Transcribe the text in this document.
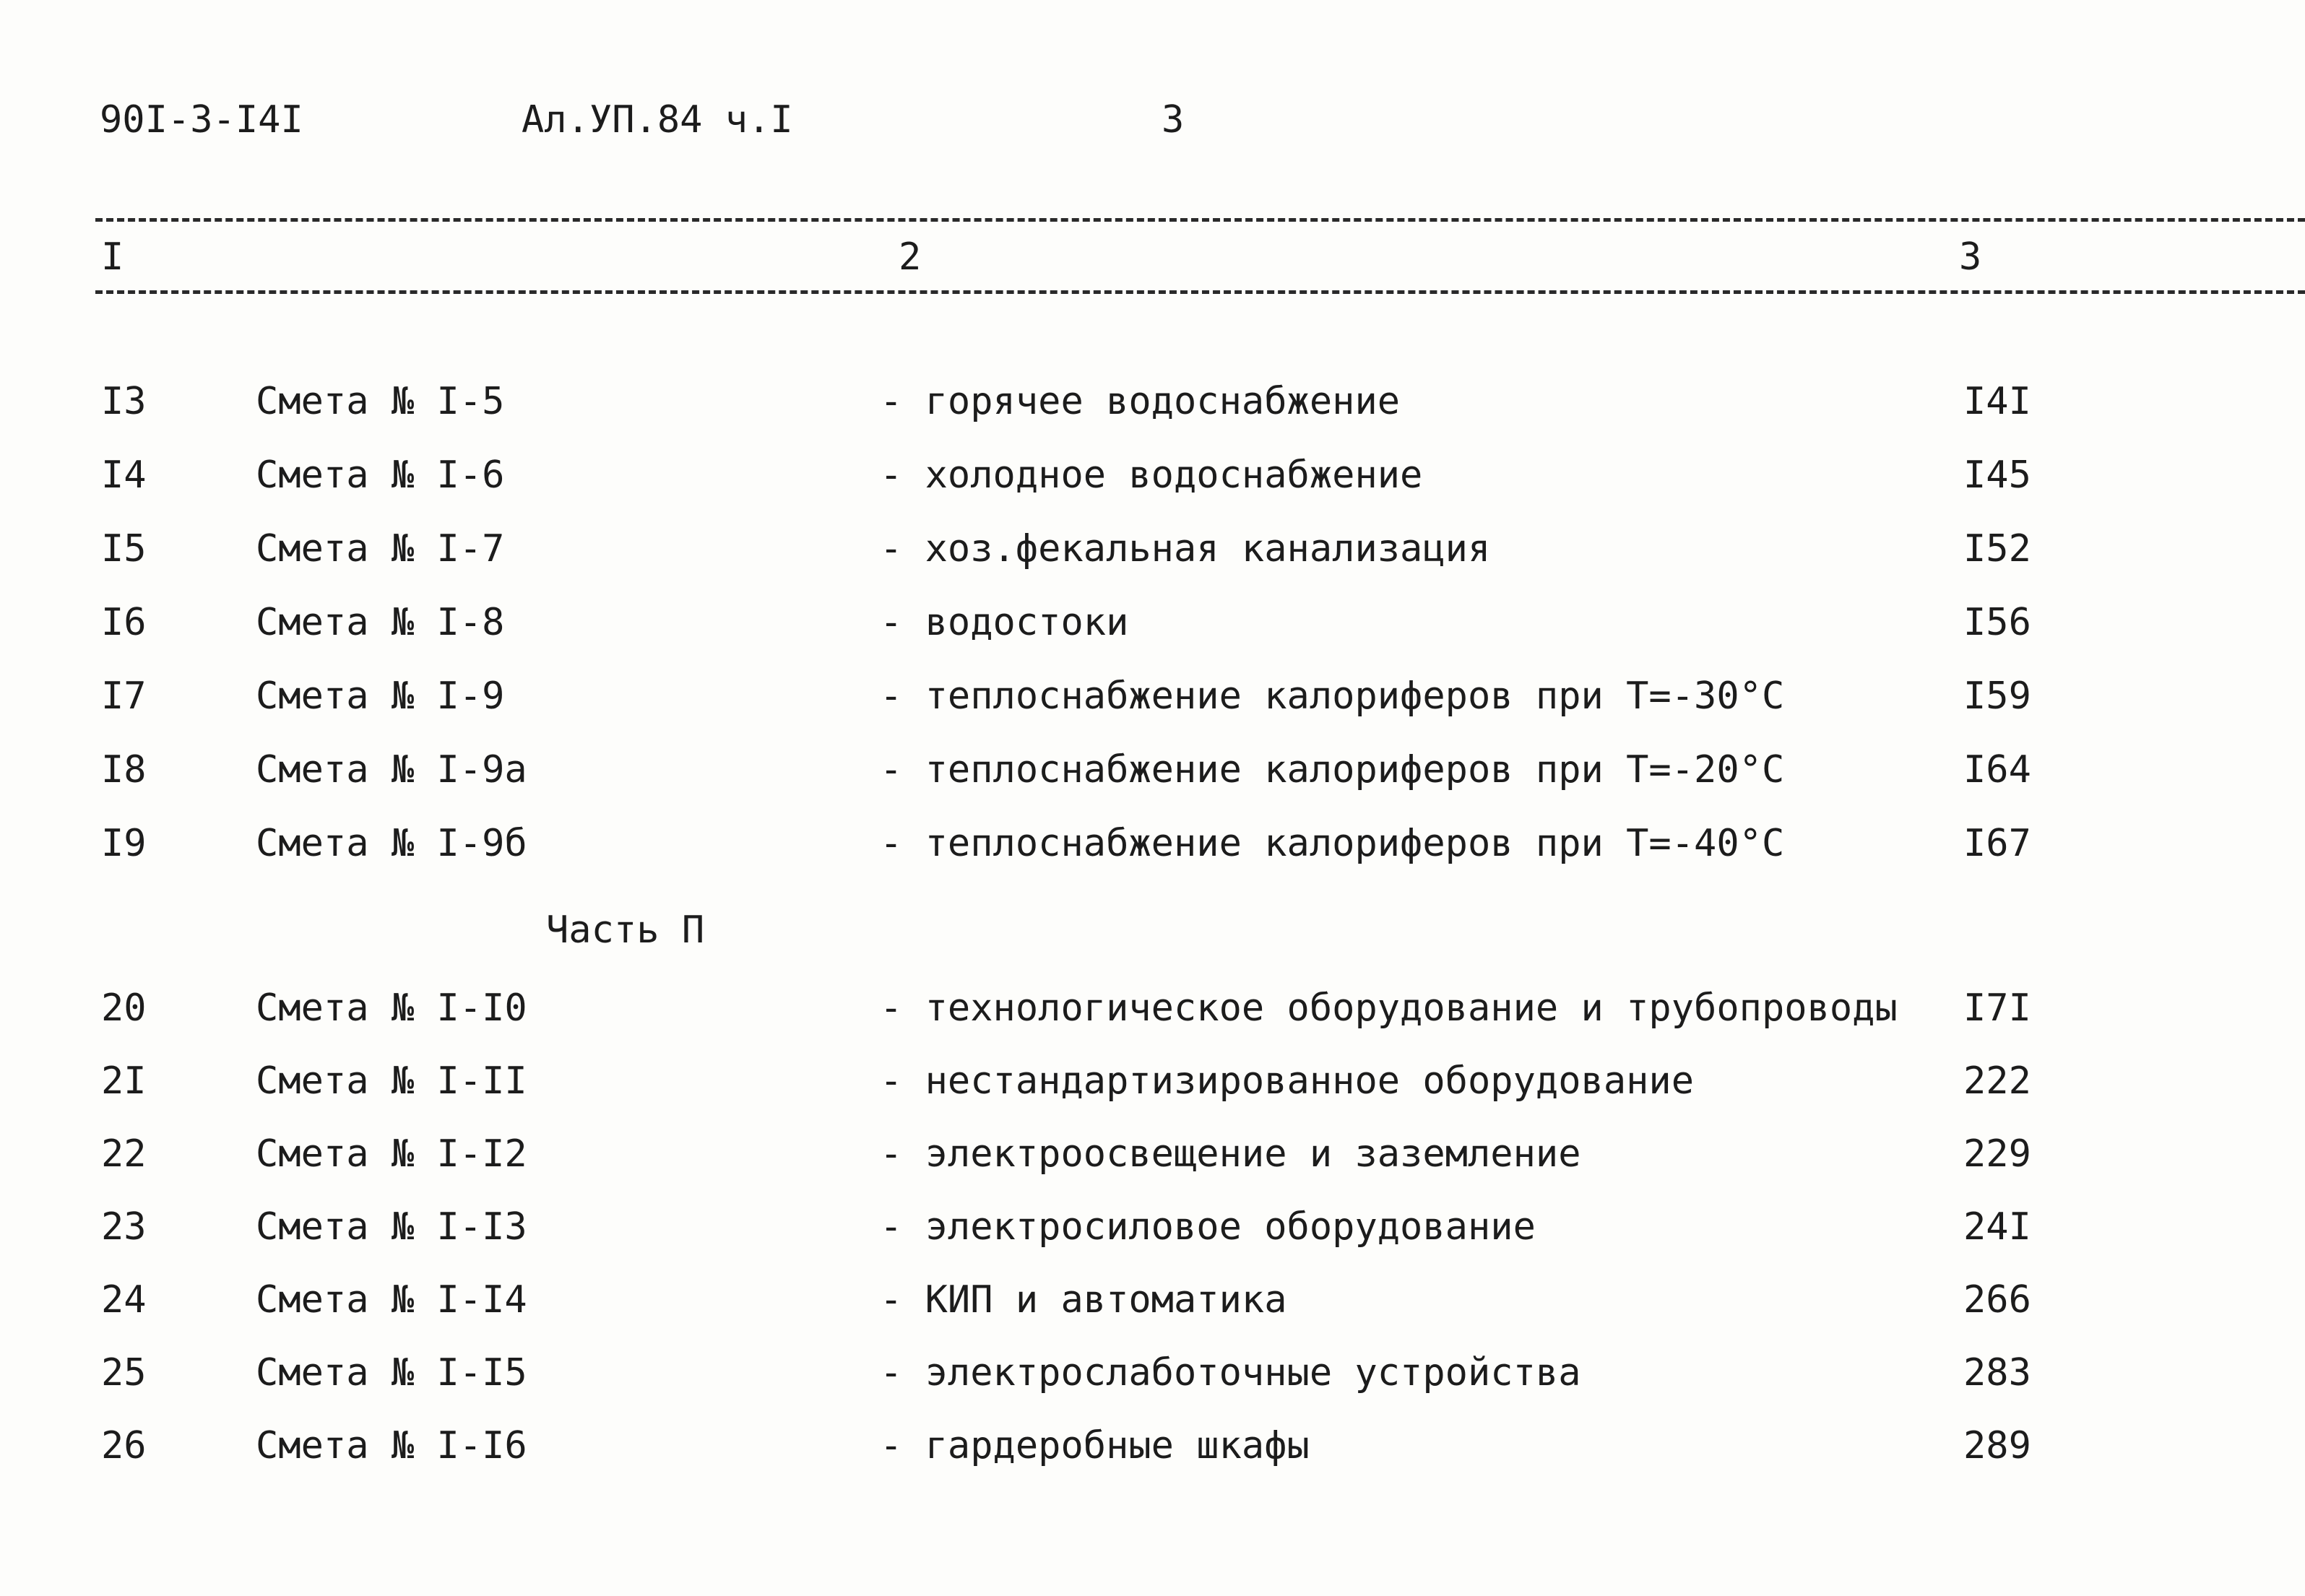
90I-3-I4I	Ал.УП.84 ч.I	3
I	2	3
I3	Смета № I-5	- горячее водоснабжение	I4I
I4	Смета № I-6	- холодное водоснабжение	I45
I5	Смета № I-7	- хоз.фекальная канализация	I52
I6	Смета № I-8	- водостоки	I56
I7	Смета № I-9	- теплоснабжение калориферов при Т=-30°С	I59
I8	Смета № I-9а	- теплоснабжение калориферов при Т=-20°С	I64
I9	Смета № I-9б	- теплоснабжение калориферов при Т=-40°С	I67
Часть П
20	Смета № I-I0	- технологическое оборудование и трубопроводы I7I
2I	Смета № I-II	- нестандартизированное оборудование	222
22	Смета № I-I2	- электроосвещение и заземление	229
23	Смета № I-I3	- электросиловое оборудование	24I
24	Смета № I-I4	- КИП и автоматика	266
25	Смета № I-I5	- электрослаботочные устройства	283
26	Смета № I-I6	- гардеробные шкафы	289
